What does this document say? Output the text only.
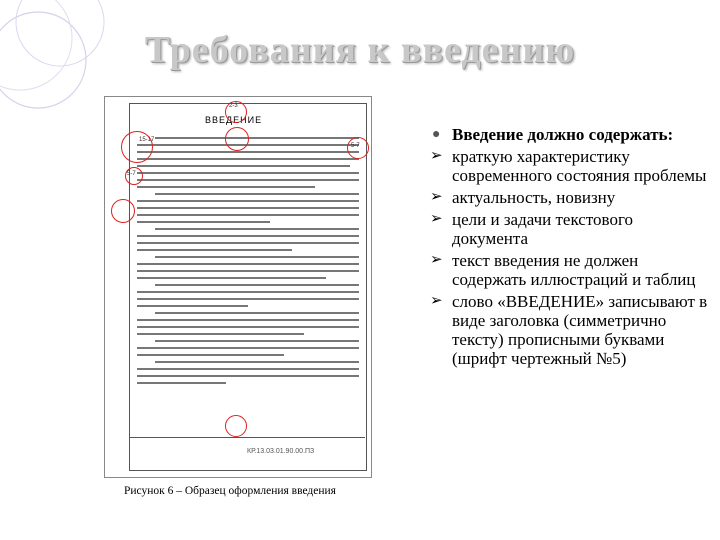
Требования к введению
ВВЕДЕНИЕ
КР.13.03.01.90.00.ПЗ
15-17
5-7
5-7
2-3
Рисунок 6 – Образец оформления введения
● Введение должно содержать:
➢ краткую характеристику современного состояния проблемы
➢ актуальность, новизну
➢ цели и задачи текстового документа
➢ текст введения не должен содержать иллюстраций и таблиц
➢ слово «ВВЕДЕНИЕ» записывают в виде заголовка (симметрично тексту) прописными буквами (шрифт чертежный №5)
